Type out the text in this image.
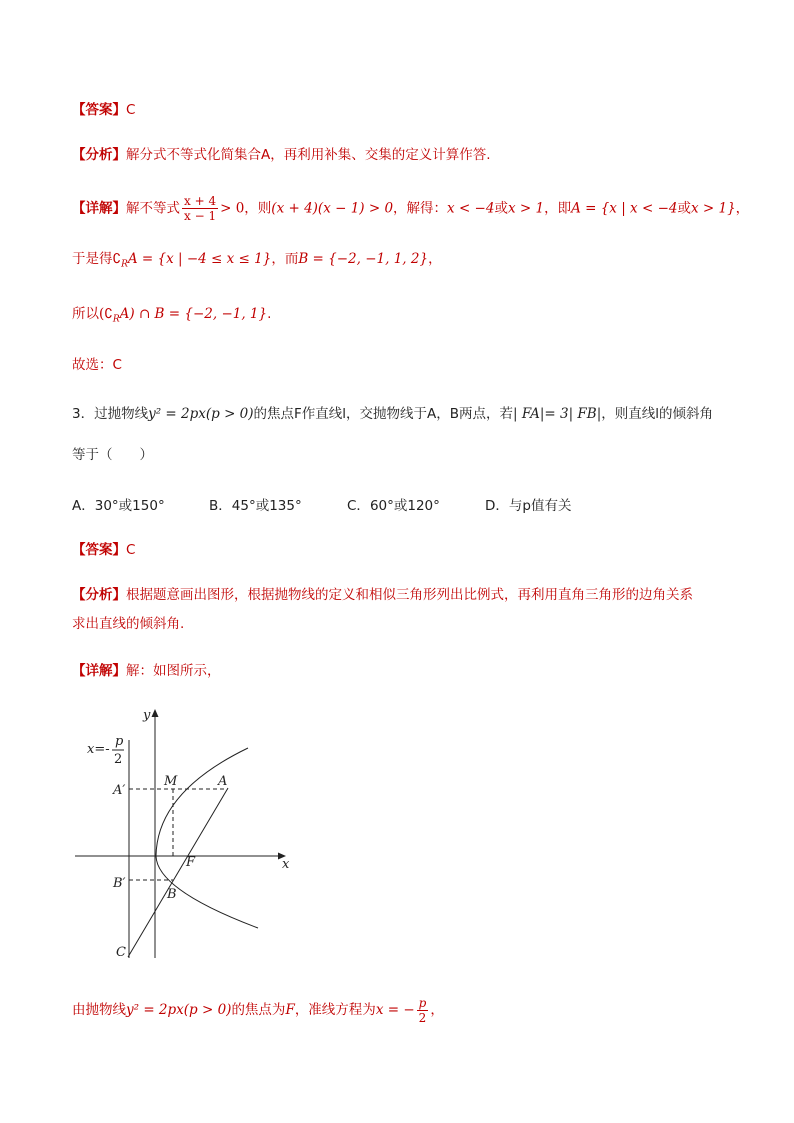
【答案】C
【分析】解分式不等式化简集合A，再利用补集、交集的定义计算作答.
【详解】解不等式 $\frac{x + 4}{x - 1} > 0$，则(x + 4)(x − 1) > 0，解得：x < −4或x > 1，即A = {x | x < −4或x > 1}，
于是得$∁_RA = \{x$ | −4 ≤ x ≤ 1}，而B = {−2, −1, 1, 2}，
所以$(∁_RA)$ ∩ B = {−2, −1, 1}.
故选：C
3．过抛物线y² = 2px(p > 0)的焦点F作直线l，交抛物线于A，B两点，若| FA|= 3| FB|，则直线l的倾斜角
等于（　　）
A．30°或150°	B．45°或135°	C．60°或120°	D．与p值有关
【答案】C
【分析】根据题意画出图形，根据抛物线的定义和相似三角形列出比例式，再利用直角三角形的边角关系
求出直线的倾斜角.
【详解】解：如图所示，
y
x
x=-
p
2
M	A
A′
F
B
B′
C
由抛物线y² = 2px(p > 0)的焦点为F，准线方程为x = − $\frac{p}{2}$ ，
